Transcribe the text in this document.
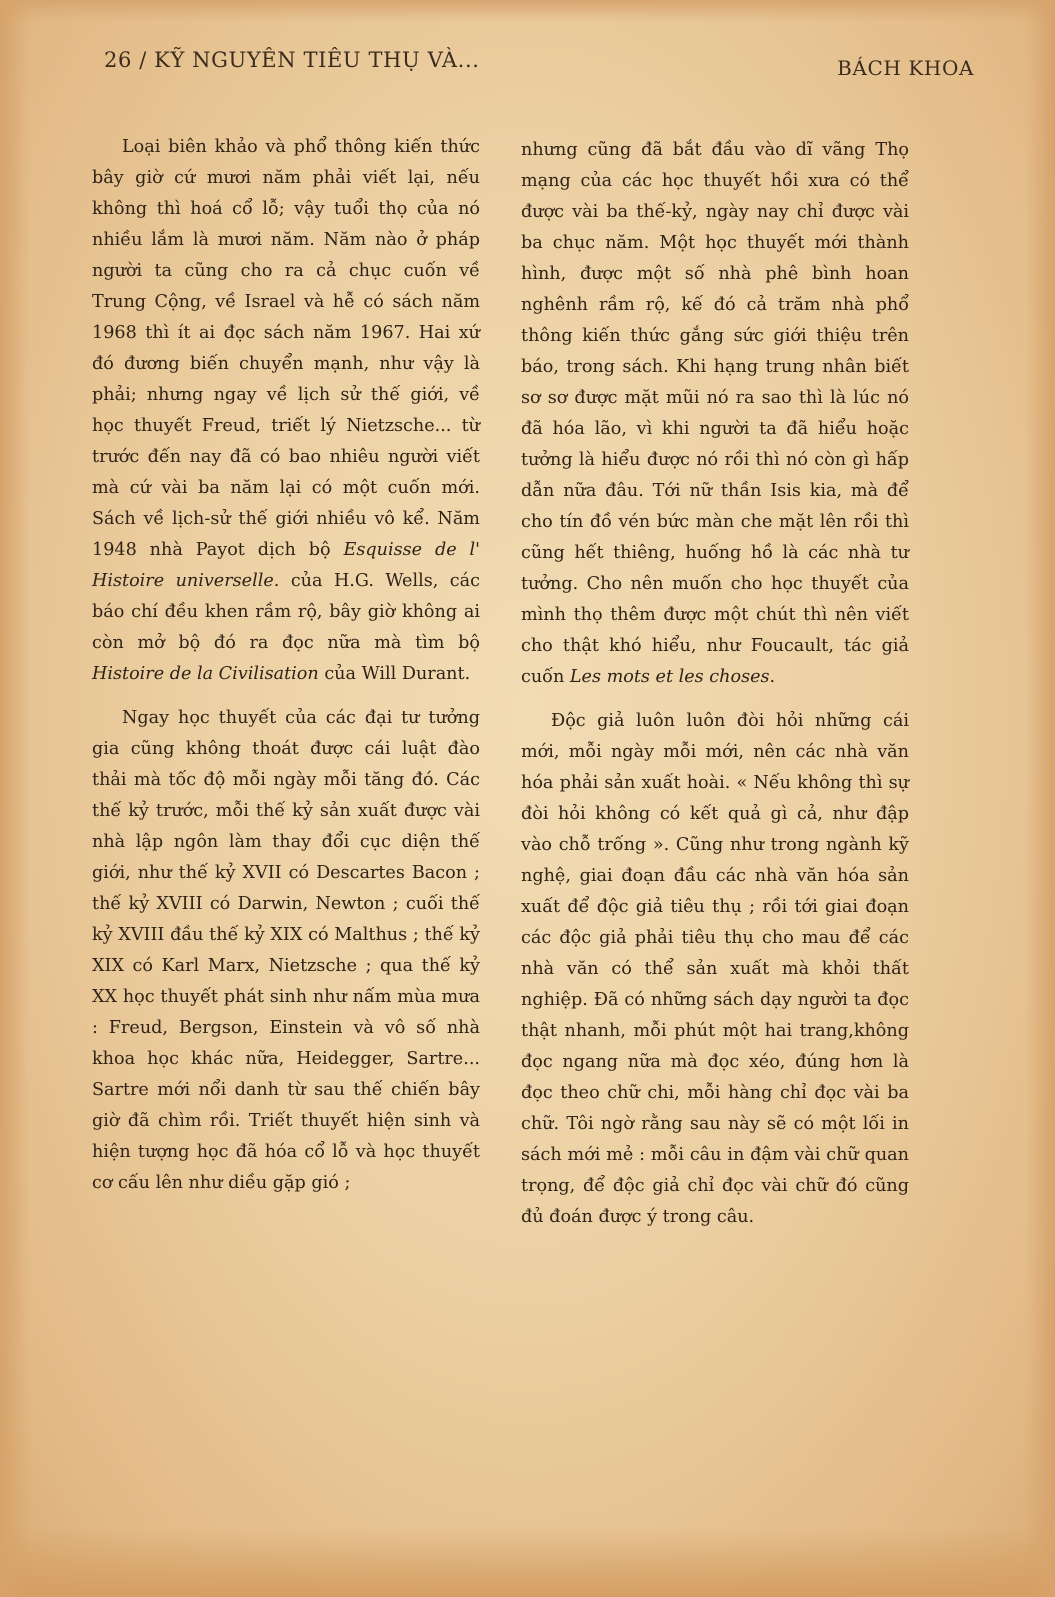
26 / KỸ NGUYÊN TIÊU THỤ VÀ...	BÁCH KHOA

Loại biên khảo và phổ thông kiến thức bây giờ cứ mươi năm phải viết lại, nếu không thì hoá cổ lỗ; vậy tuổi thọ của nó nhiều lắm là mươi năm. Năm nào ở pháp người ta cũng cho ra cả chục cuốn về Trung Cộng, về Israel và hễ có sách năm 1968 thì ít ai đọc sách năm 1967. Hai xứ đó đương biến chuyển mạnh, như vậy là phải; nhưng ngay về lịch sử thế giới, về học thuyết Freud, triết lý Nietzsche... từ trước đến nay đã có bao nhiêu người viết mà cứ vài ba năm lại có một cuốn mới. Sách về lịch-sử thế giới nhiều vô kể. Năm 1948 nhà Payot dịch bộ Esquisse de l' Histoire universelle. của H.G. Wells, các báo chí đều khen rầm rộ, bây giờ không ai còn mở bộ đó ra đọc nữa mà tìm bộ Histoire de la Civilisation của Will Durant.

Ngay học thuyết của các đại tư tưởng gia cũng không thoát được cái luật đào thải mà tốc độ mỗi ngày mỗi tăng đó. Các thế kỷ trước, mỗi thế kỷ sản xuất được vài nhà lập ngôn làm thay đổi cục diện thế giới, như thế kỷ XVII có Descartes Bacon ; thế kỷ XVIII có Darwin, Newton ; cuối thế kỷ XVIII đầu thế kỷ XIX có Malthus ; thế kỷ XIX có Karl Marx, Nietzsche ; qua thế kỷ XX học thuyết phát sinh như nấm mùa mưa : Freud, Bergson, Einstein và vô số nhà khoa học khác nữa, Heidegger, Sartre... Sartre mới nổi danh từ sau thế chiến bây giờ đã chìm rồi. Triết thuyết hiện sinh và hiện tượng học đã hóa cổ lỗ và học thuyết cơ cấu lên như diều gặp gió ;

nhưng cũng đã bắt đầu vào dĩ vãng Thọ mạng của các học thuyết hồi xưa có thể được vài ba thế-kỷ, ngày nay chỉ được vài ba chục năm. Một học thuyết mới thành hình, được một số nhà phê bình hoan nghênh rầm rộ, kế đó cả trăm nhà phổ thông kiến thức gắng sức giới thiệu trên báo, trong sách. Khi hạng trung nhân biết sơ sơ được mặt mũi nó ra sao thì là lúc nó đã hóa lão, vì khi người ta đã hiểu hoặc tưởng là hiểu được nó rồi thì nó còn gì hấp dẫn nữa đâu. Tới nữ thần Isis kia, mà để cho tín đồ vén bức màn che mặt lên rồi thì cũng hết thiêng, huống hồ là các nhà tư tưởng. Cho nên muốn cho học thuyết của mình thọ thêm được một chút thì nên viết cho thật khó hiểu, như Foucault, tác giả cuốn Les mots et les choses.

Độc giả luôn luôn đòi hỏi những cái mới, mỗi ngày mỗi mới, nên các nhà văn hóa phải sản xuất hoài. « Nếu không thì sự đòi hỏi không có kết quả gì cả, như đập vào chỗ trống ». Cũng như trong ngành kỹ nghệ, giai đoạn đầu các nhà văn hóa sản xuất để độc giả tiêu thụ ; rồi tới giai đoạn các độc giả phải tiêu thụ cho mau để các nhà văn có thể sản xuất mà khỏi thất nghiệp. Đã có những sách dạy người ta đọc thật nhanh, mỗi phút một hai trang,không đọc ngang nữa mà đọc xéo, đúng hơn là đọc theo chữ chi, mỗi hàng chỉ đọc vài ba chữ. Tôi ngờ rằng sau này sẽ có một lối in sách mới mẻ : mỗi câu in đậm vài chữ quan trọng, để độc giả chỉ đọc vài chữ đó cũng đủ đoán được ý trong câu.
